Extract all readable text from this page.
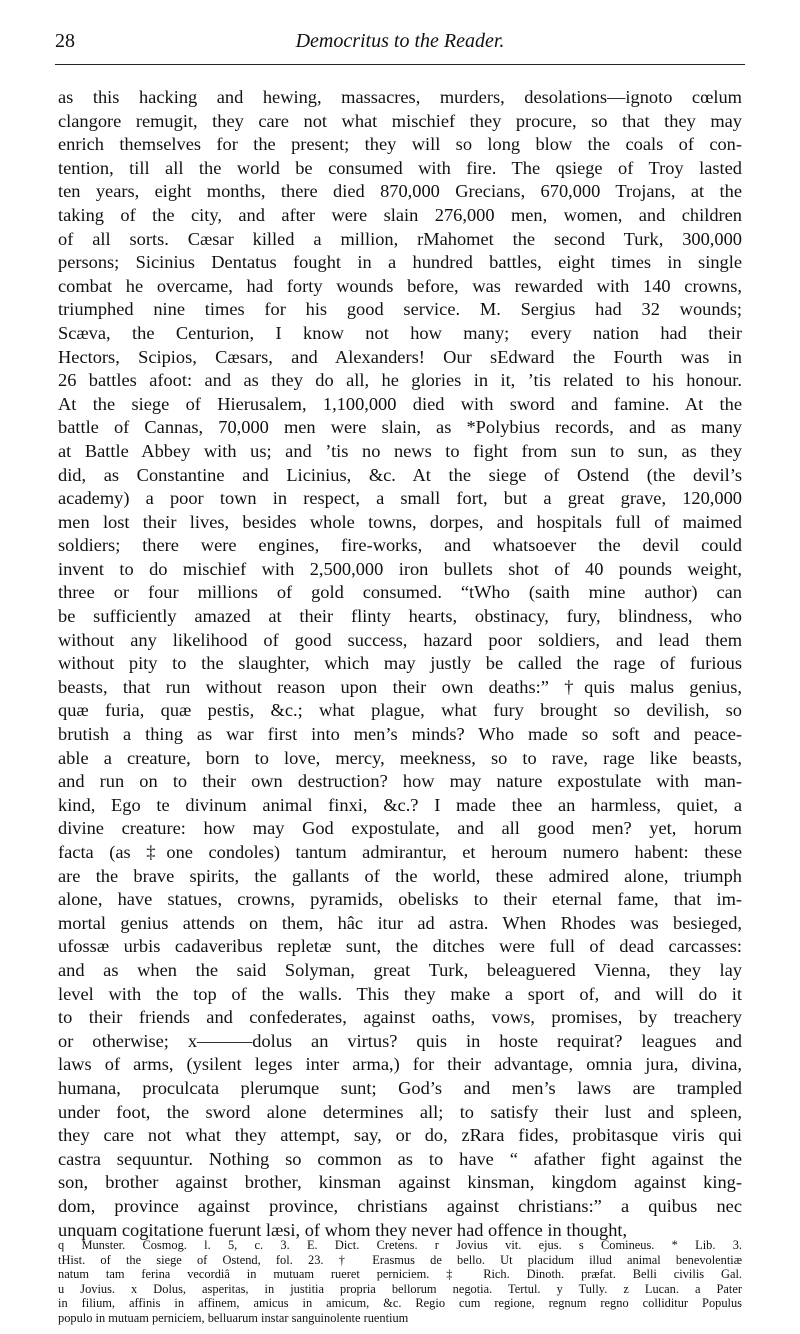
28	Democritus to the Reader.
as this hacking and hewing, massacres, murders, desolations—ignoto cœlum
clangore remugit, they care not what mischief they procure, so that they may
enrich themselves for the present; they will so long blow the coals of con-
tention, till all the world be consumed with fire. The qsiege of Troy lasted
ten years, eight months, there died 870,000 Grecians, 670,000 Trojans, at the
taking of the city, and after were slain 276,000 men, women, and children
of all sorts. Cæsar killed a million, rMahomet the second Turk, 300,000
persons; Sicinius Dentatus fought in a hundred battles, eight times in single
combat he overcame, had forty wounds before, was rewarded with 140 crowns,
triumphed nine times for his good service. M. Sergius had 32 wounds;
Scæva, the Centurion, I know not how many; every nation had their
Hectors, Scipios, Cæsars, and Alexanders! Our sEdward the Fourth was in
26 battles afoot: and as they do all, he glories in it, ’tis related to his honour.
At the siege of Hierusalem, 1,100,000 died with sword and famine. At the
battle of Cannas, 70,000 men were slain, as *Polybius records, and as many
at Battle Abbey with us; and ’tis no news to fight from sun to sun, as they
did, as Constantine and Licinius, &c. At the siege of Ostend (the devil’s
academy) a poor town in respect, a small fort, but a great grave, 120,000
men lost their lives, besides whole towns, dorpes, and hospitals full of maimed
soldiers; there were engines, fire-works, and whatsoever the devil could
invent to do mischief with 2,500,000 iron bullets shot of 40 pounds weight,
three or four millions of gold consumed. “tWho (saith mine author) can
be sufficiently amazed at their flinty hearts, obstinacy, fury, blindness, who
without any likelihood of good success, hazard poor soldiers, and lead them
without pity to the slaughter, which may justly be called the rage of furious
beasts, that run without reason upon their own deaths:” †quis malus genius,
quæ furia, quæ pestis, &c.; what plague, what fury brought so devilish, so
brutish a thing as war first into men’s minds? Who made so soft and peace-
able a creature, born to love, mercy, meekness, so to rave, rage like beasts,
and run on to their own destruction? how may nature expostulate with man-
kind, Ego te divinum animal finxi, &c.? I made thee an harmless, quiet, a
divine creature: how may God expostulate, and all good men? yet, horum
facta (as ‡one condoles) tantum admirantur, et heroum numero habent: these
are the brave spirits, the gallants of the world, these admired alone, triumph
alone, have statues, crowns, pyramids, obelisks to their eternal fame, that im-
mortal genius attends on them, hâc itur ad astra. When Rhodes was besieged,
ufossæ urbis cadaveribus repletæ sunt, the ditches were full of dead carcasses:
and as when the said Solyman, great Turk, beleaguered Vienna, they lay
level with the top of the walls. This they make a sport of, and will do it
to their friends and confederates, against oaths, vows, promises, by treachery
or otherwise; x———dolus an virtus? quis in hoste requirat? leagues and
laws of arms, (ysilent leges inter arma,) for their advantage, omnia jura, divina,
humana, proculcata plerumque sunt; God’s and men’s laws are trampled
under foot, the sword alone determines all; to satisfy their lust and spleen,
they care not what they attempt, say, or do, zRara fides, probitasque viris qui
castra sequuntur. Nothing so common as to have “ afather fight against the
son, brother against brother, kinsman against kinsman, kingdom against king-
dom, province against province, christians against christians:” a quibus nec
unquam cogitatione fuerunt læsi, of whom they never had offence in thought,
q Munster. Cosmog. l. 5, c. 3. E. Dict. Cretens. r Jovius vit. ejus. s Comineus. * Lib. 3.
tHist. of the siege of Ostend, fol. 23. † Erasmus de bello. Ut placidum illud animal benevolentiæ
natum tam ferina vecordiâ in mutuam rueret perniciem. ‡ Rich. Dinoth. præfat. Belli civilis Gal.
u Jovius. x Dolus, asperitas, in justitia propria bellorum negotia. Tertul. y Tully. z Lucan. a Pater
in filium, affinis in affinem, amicus in amicum, &c. Regio cum regione, regnum regno colliditur Populus
populo in mutuam perniciem, belluarum instar sanguinolente ruentium
